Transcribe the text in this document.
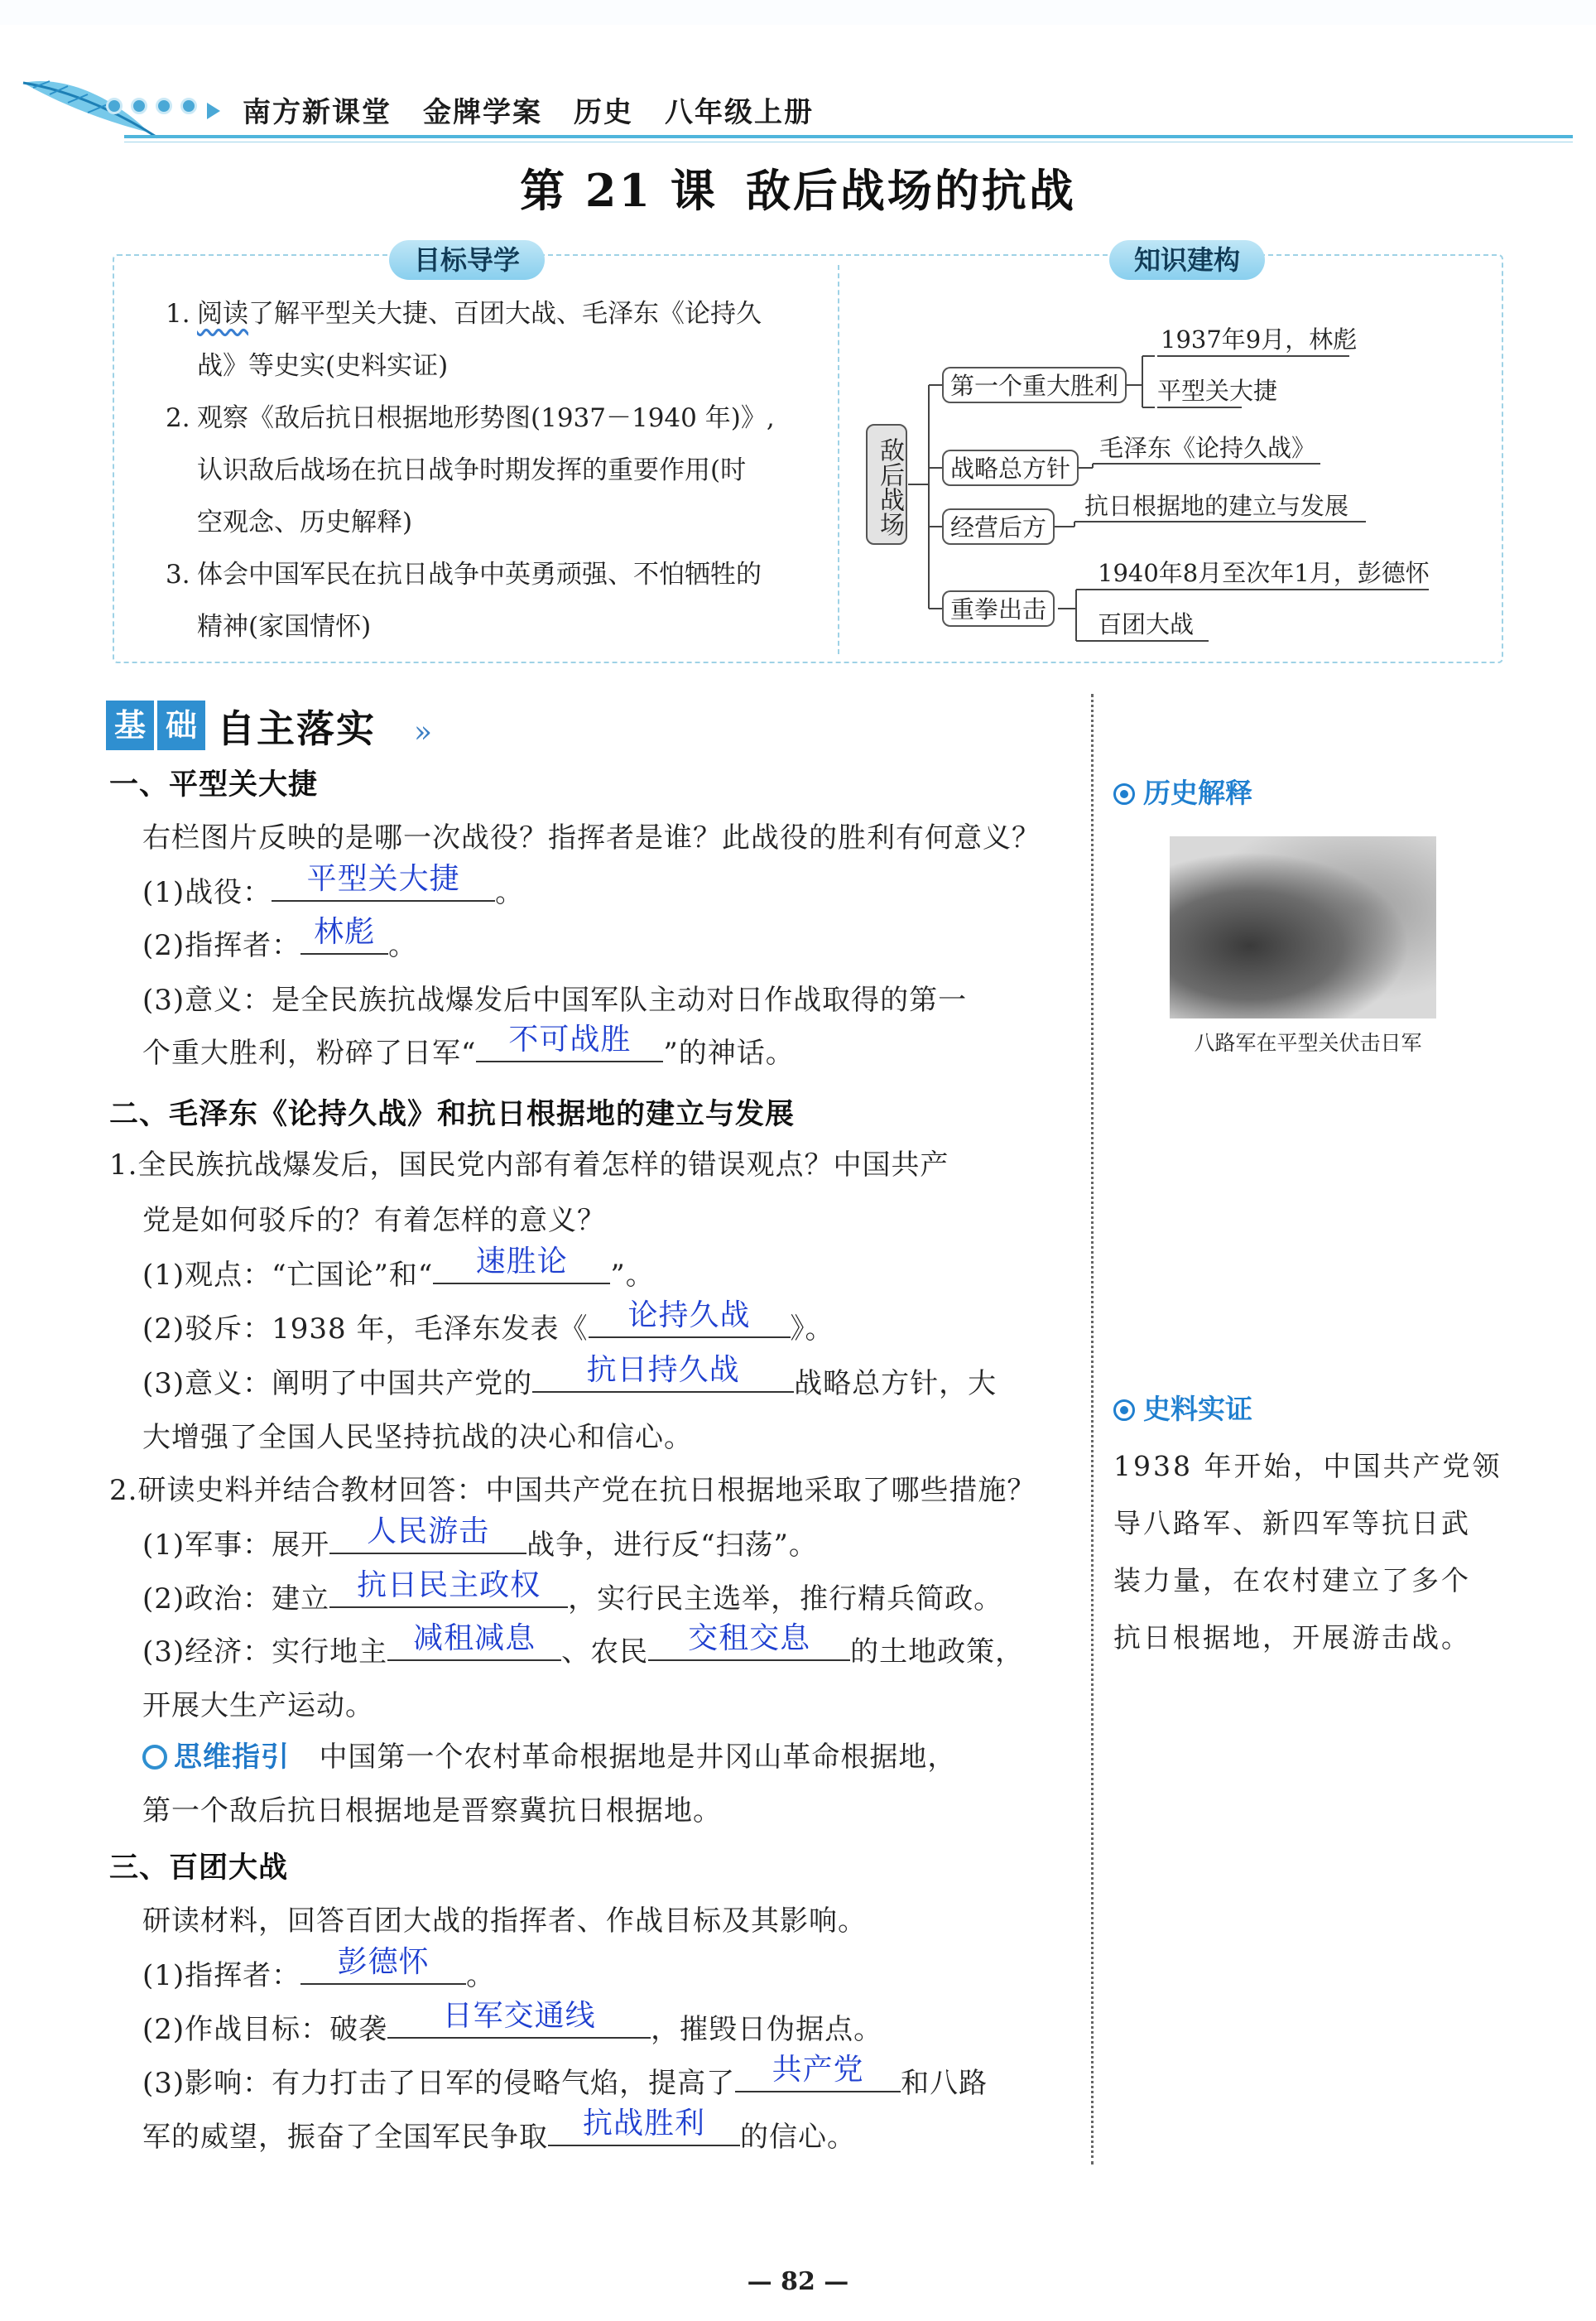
南方新课堂 金牌学案 历史 八年级上册
第 21 课 敌后战场的抗战
目标导学	知识建构
1. 阅读了解平型关大捷、百团大战、毛泽东《论持久
战》等史实(史料实证)
2. 观察《敌后抗日根据地形势图(1937－1940 年)》,
认识敌后战场在抗日战争时期发挥的重要作用(时
空观念、历史解释)
3. 体会中国军民在抗日战争中英勇顽强、不怕牺牲的
精神(家国情怀)
敌后战场
第一个重大胜利
战略总方针
经营后方
重拳出击
1937年9月，林彪
平型关大捷
毛泽东《论持久战》
抗日根据地的建立与发展
1940年8月至次年1月，彭德怀
百团大战
基 础 自主落实 »
一、平型关大捷
右栏图片反映的是哪一次战役？指挥者是谁？此战役的胜利有何意义？
(1)战役：	平型关大捷	。
(2)指挥者： 林彪 。
(3)意义：是全民族抗战爆发后中国军队主动对日作战取得的第一
个重大胜利，粉碎了日军“	不可战胜	”的神话。
二、毛泽东《论持久战》和抗日根据地的建立与发展
1.全民族抗战爆发后，国民党内部有着怎样的错误观点？中国共产
党是如何驳斥的？有着怎样的意义？
(1)观点：“亡国论”和“	速胜论	”。
(2)驳斥：1938 年，毛泽东发表《	论持久战	》。
(3)意义：阐明了中国共产党的	抗日持久战	战略总方针，大
大增强了全国人民坚持抗战的决心和信心。
2.研读史料并结合教材回答：中国共产党在抗日根据地采取了哪些措施？
(1)军事：展开	人民游击	战争，进行反“扫荡”。
(2)政治：建立 抗日民主政权 ，实行民主选举，推行精兵简政。
(3)经济：实行地主 减租减息 、农民	交租交息	的土地政策，
开展大生产运动。
思维指引 中国第一个农村革命根据地是井冈山革命根据地，
第一个敌后抗日根据地是晋察冀抗日根据地。
三、百团大战
研读材料，回答百团大战的指挥者、作战目标及其影响。
(1)指挥者：	彭德怀	。
(2)作战目标：破袭	日军交通线	，摧毁日伪据点。
(3)影响：有力打击了日军的侵略气焰，提高了	共产党	和八路
军的威望，振奋了全国军民争取	抗战胜利	的信心。
历史解释
八路军在平型关伏击日军
史料实证
1938 年开始，中国共产党领
导八路军、新四军等抗日武
装力量，在农村建立了多个
抗日根据地，开展游击战。
— 82 —
